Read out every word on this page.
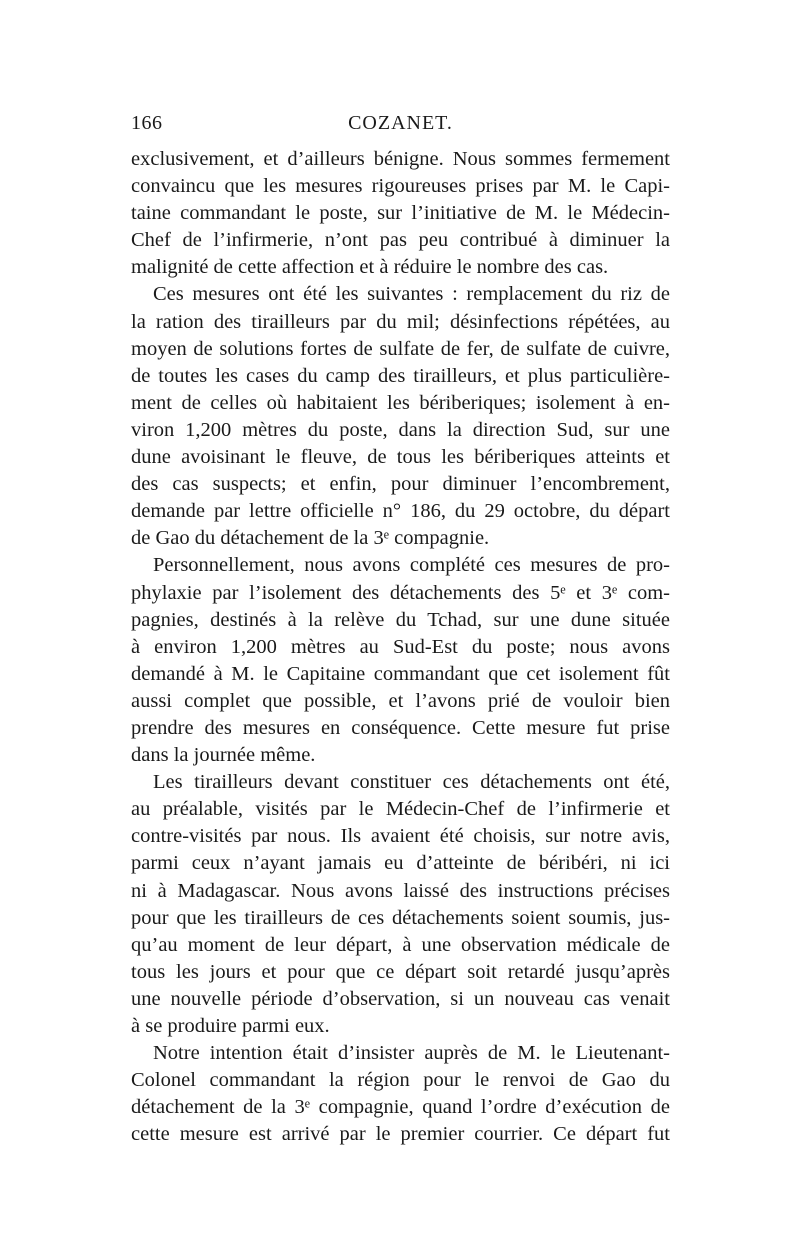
166	COZANET.
exclusivement, et d’ailleurs bénigne. Nous sommes fermement
convaincu que les mesures rigoureuses prises par M. le Capi-
taine commandant le poste, sur l’initiative de M. le Médecin-
Chef de l’infirmerie, n’ont pas peu contribué à diminuer la
malignité de cette affection et à réduire le nombre des cas.
Ces mesures ont été les suivantes : remplacement du riz de
la ration des tirailleurs par du mil; désinfections répétées, au
moyen de solutions fortes de sulfate de fer, de sulfate de cuivre,
de toutes les cases du camp des tirailleurs, et plus particulière-
ment de celles où habitaient les bériberiques; isolement à en-
viron 1,200 mètres du poste, dans la direction Sud, sur une
dune avoisinant le fleuve, de tous les bériberiques atteints et
des cas suspects; et enfin, pour diminuer l’encombrement,
demande par lettre officielle n° 186, du 29 octobre, du départ
de Gao du détachement de la 3ᵉ compagnie.
Personnellement, nous avons complété ces mesures de pro-
phylaxie par l’isolement des détachements des 5ᵉ et 3ᵉ com-
pagnies, destinés à la relève du Tchad, sur une dune située
à environ 1,200 mètres au Sud-Est du poste; nous avons
demandé à M. le Capitaine commandant que cet isolement fût
aussi complet que possible, et l’avons prié de vouloir bien
prendre des mesures en conséquence. Cette mesure fut prise
dans la journée même.
Les tirailleurs devant constituer ces détachements ont été,
au préalable, visités par le Médecin-Chef de l’infirmerie et
contre-visités par nous. Ils avaient été choisis, sur notre avis,
parmi ceux n’ayant jamais eu d’atteinte de béribéri, ni ici
ni à Madagascar. Nous avons laissé des instructions précises
pour que les tirailleurs de ces détachements soient soumis, jus-
qu’au moment de leur départ, à une observation médicale de
tous les jours et pour que ce départ soit retardé jusqu’après
une nouvelle période d’observation, si un nouveau cas venait
à se produire parmi eux.
Notre intention était d’insister auprès de M. le Lieutenant-
Colonel commandant la région pour le renvoi de Gao du
détachement de la 3ᵉ compagnie, quand l’ordre d’exécution de
cette mesure est arrivé par le premier courrier. Ce départ fut
